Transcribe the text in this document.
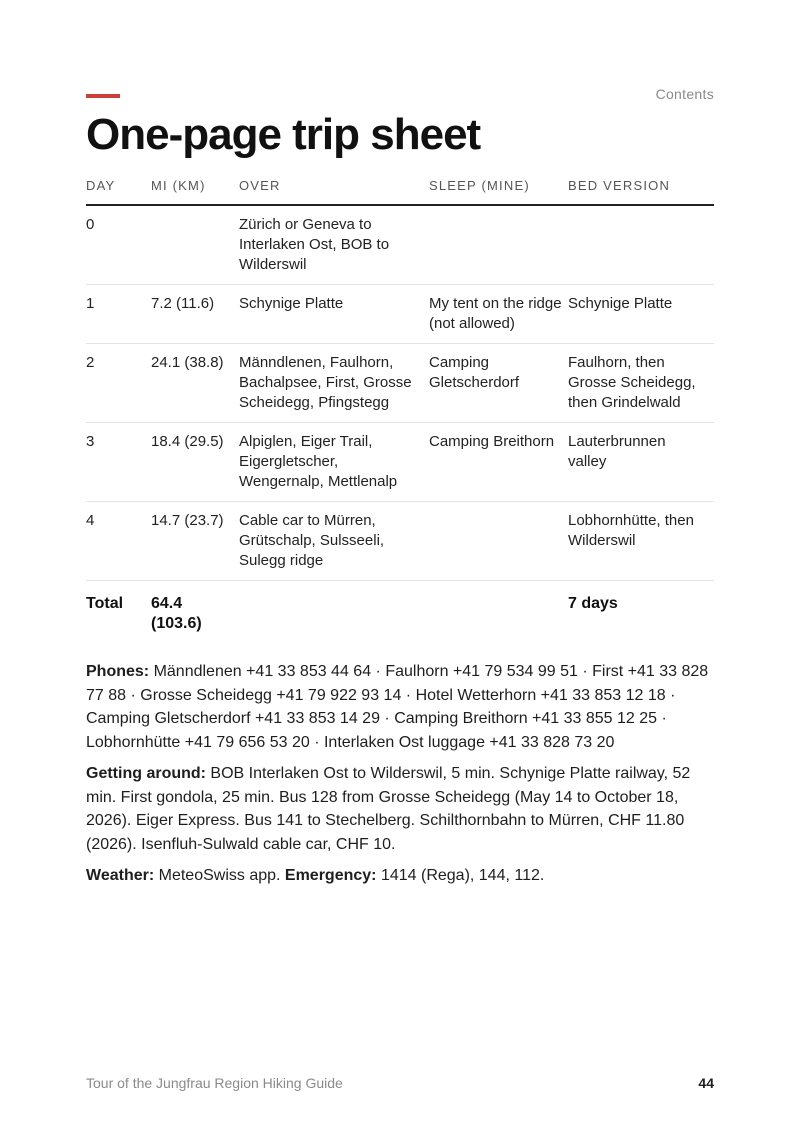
Contents
One-page trip sheet
DAY	MI (KM)	OVER	SLEEP (MINE)	BED VERSION
0		Zürich or Geneva to Interlaken Ost, BOB to Wilderswil		
1	7.2 (11.6)	Schynige Platte	My tent on the ridge (not allowed)	Schynige Platte
2	24.1 (38.8)	Männdlenen, Faulhorn, Bachalpsee, First, Grosse Scheidegg, Pfingstegg	Camping Gletscherdorf	Faulhorn, then Grosse Scheidegg, then Grindelwald
3	18.4 (29.5)	Alpiglen, Eiger Trail, Eigergletscher, Wengernalp, Mettlenalp	Camping Breithorn	Lauterbrunnen valley
4	14.7 (23.7)	Cable car to Mürren, Grütschalp, Sulsseeli, Sulegg ridge		Lobhornhütte, then Wilderswil
Total	64.4 (103.6)			7 days

Phones: Männdlenen +41 33 853 44 64 · Faulhorn +41 79 534 99 51 · First +41 33 828 77 88 · Grosse Scheidegg +41 79 922 93 14 · Hotel Wetterhorn +41 33 853 12 18 · Camping Gletscherdorf +41 33 853 14 29 · Camping Breithorn +41 33 855 12 25 · Lobhornhütte +41 79 656 53 20 · Interlaken Ost luggage +41 33 828 73 20

Getting around: BOB Interlaken Ost to Wilderswil, 5 min. Schynige Platte railway, 52 min. First gondola, 25 min. Bus 128 from Grosse Scheidegg (May 14 to October 18, 2026). Eiger Express. Bus 141 to Stechelberg. Schilthornbahn to Mürren, CHF 11.80 (2026). Isenfluh-Sulwald cable car, CHF 10.

Weather: MeteoSwiss app. Emergency: 1414 (Rega), 144, 112.

Tour of the Jungfrau Region Hiking Guide	44
